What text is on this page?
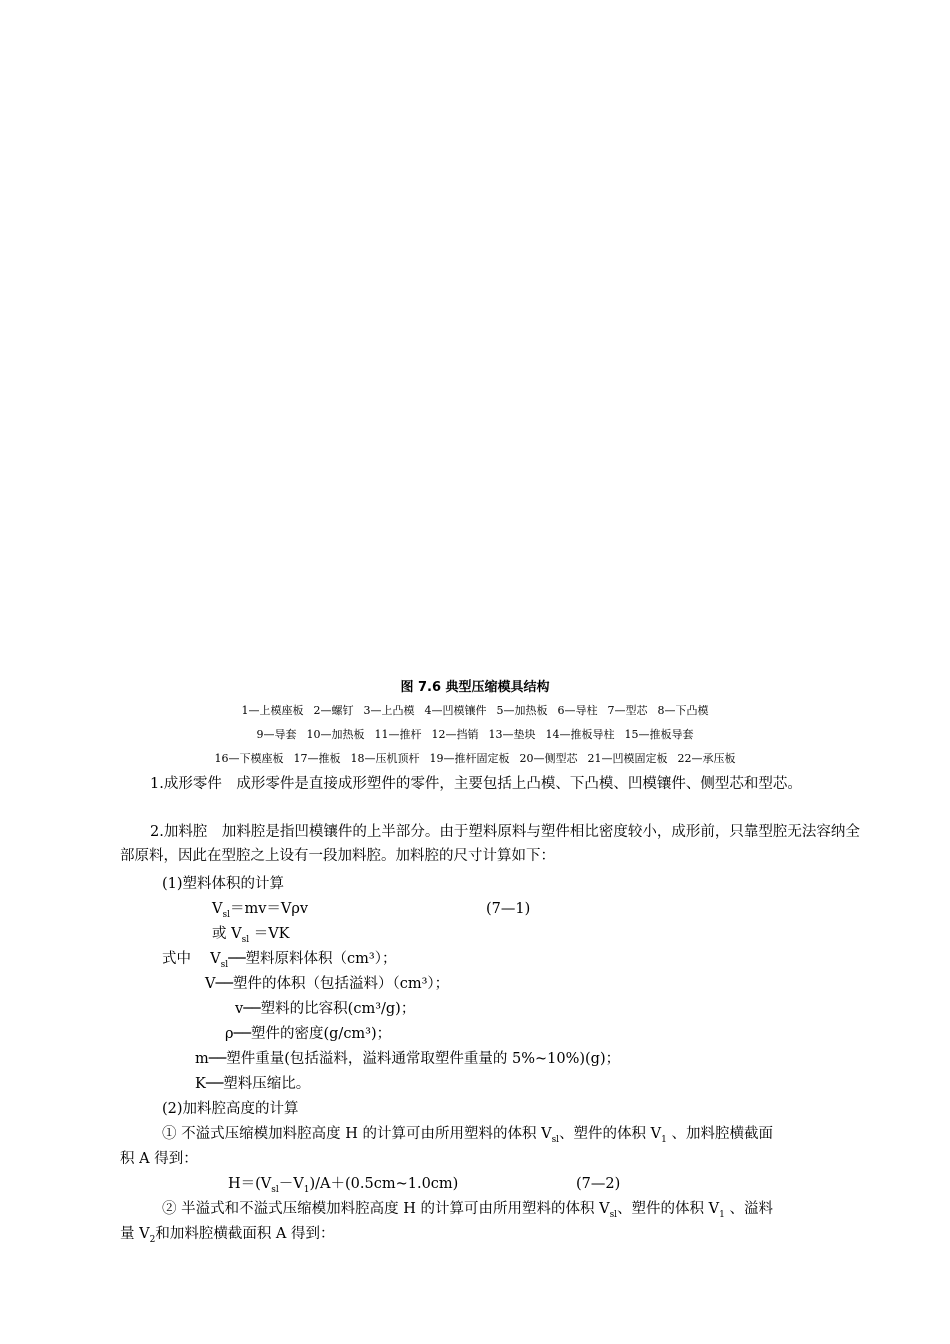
图 7.6 典型压缩模具结构
1—上模座板 2—螺钉 3—上凸模 4—凹模镶件 5—加热板 6—导柱 7—型芯 8—下凸模
9—导套 10—加热板 11—推杆 12—挡销 13—垫块 14—推板导柱 15—推板导套
16—下模座板 17—推板 18—压机顶杆 19—推杆固定板 20—侧型芯 21—凹模固定板 22—承压板

1.成形零件　成形零件是直接成形塑件的零件，主要包括上凸模、下凸模、凹模镶件、侧型芯和型芯。

2.加料腔　加料腔是指凹模镶件的上半部分。由于塑料原料与塑件相比密度较小，成形前，只靠型腔无法容纳全部原料，因此在型腔之上设有一段加料腔。加料腔的尺寸计算如下：

(1)塑料体积的计算
$V_{sl}=mv=V\rho v$	(7—1)
或 $V_{sl} =VK$
式中　 $V_{sl}──$塑料原料体积（cm³）；
V──塑件的体积（包括溢料）（cm³）；
v──塑料的比容积(cm³/g)；
ρ──塑件的密度(g/cm³)；
m──塑件重量(包括溢料，溢料通常取塑件重量的 5%~10%)(g)；
K──塑料压缩比。
(2)加料腔高度的计算
① 不溢式压缩模加料腔高度 H 的计算可由所用塑料的体积 $V_{sl}$、塑件的体积 $V_1$ 、加料腔横截面
积 A 得到：
$H=(V_{sl}-V_1)/A+(0.5cm\sim 1.0cm)$	(7—2)
② 半溢式和不溢式压缩模加料腔高度 H 的计算可由所用塑料的体积 $V_{sl}$、塑件的体积 $V_1$ 、溢料
量 $V_2$和加料腔横截面积 A 得到：
